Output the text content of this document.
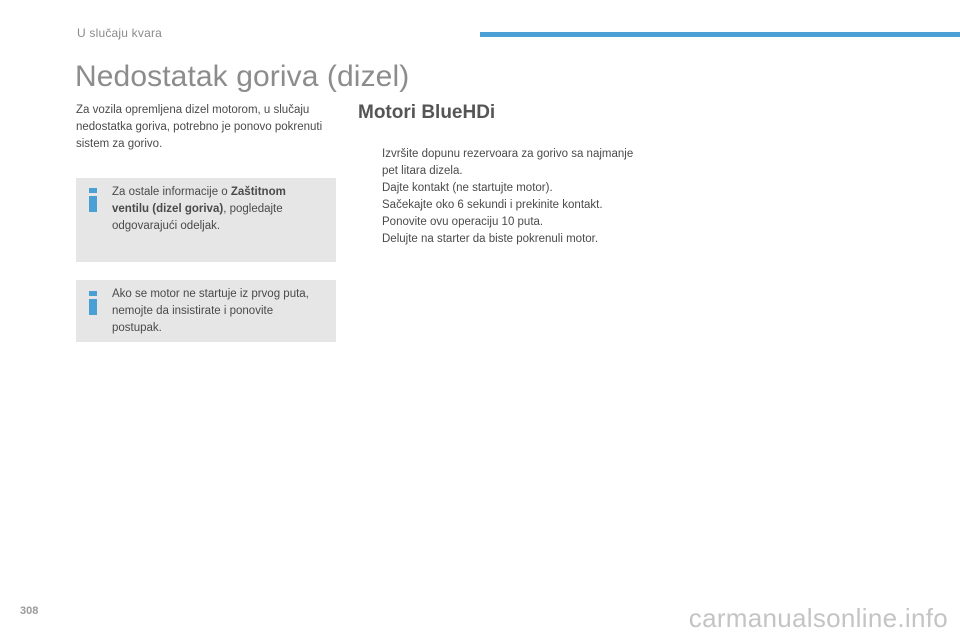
U slučaju kvara
Nedostatak goriva (dizel)

Za vozila opremljena dizel motorom, u slučaju nedostatka goriva, potrebno je ponovo pokrenuti sistem za gorivo.

Za ostale informacije o Zaštitnom ventilu (dizel goriva), pogledajte odgovarajući odeljak.

Ako se motor ne startuje iz prvog puta, nemojte da insistirate i ponovite postupak.

Motori BlueHDi
Izvršite dopunu rezervoara za gorivo sa najmanje pet litara dizela.
Dajte kontakt (ne startujte motor).
Sačekajte oko 6 sekundi i prekinite kontakt.
Ponovite ovu operaciju 10 puta.
Delujte na starter da biste pokrenuli motor.
308	carmanualsonline.info
